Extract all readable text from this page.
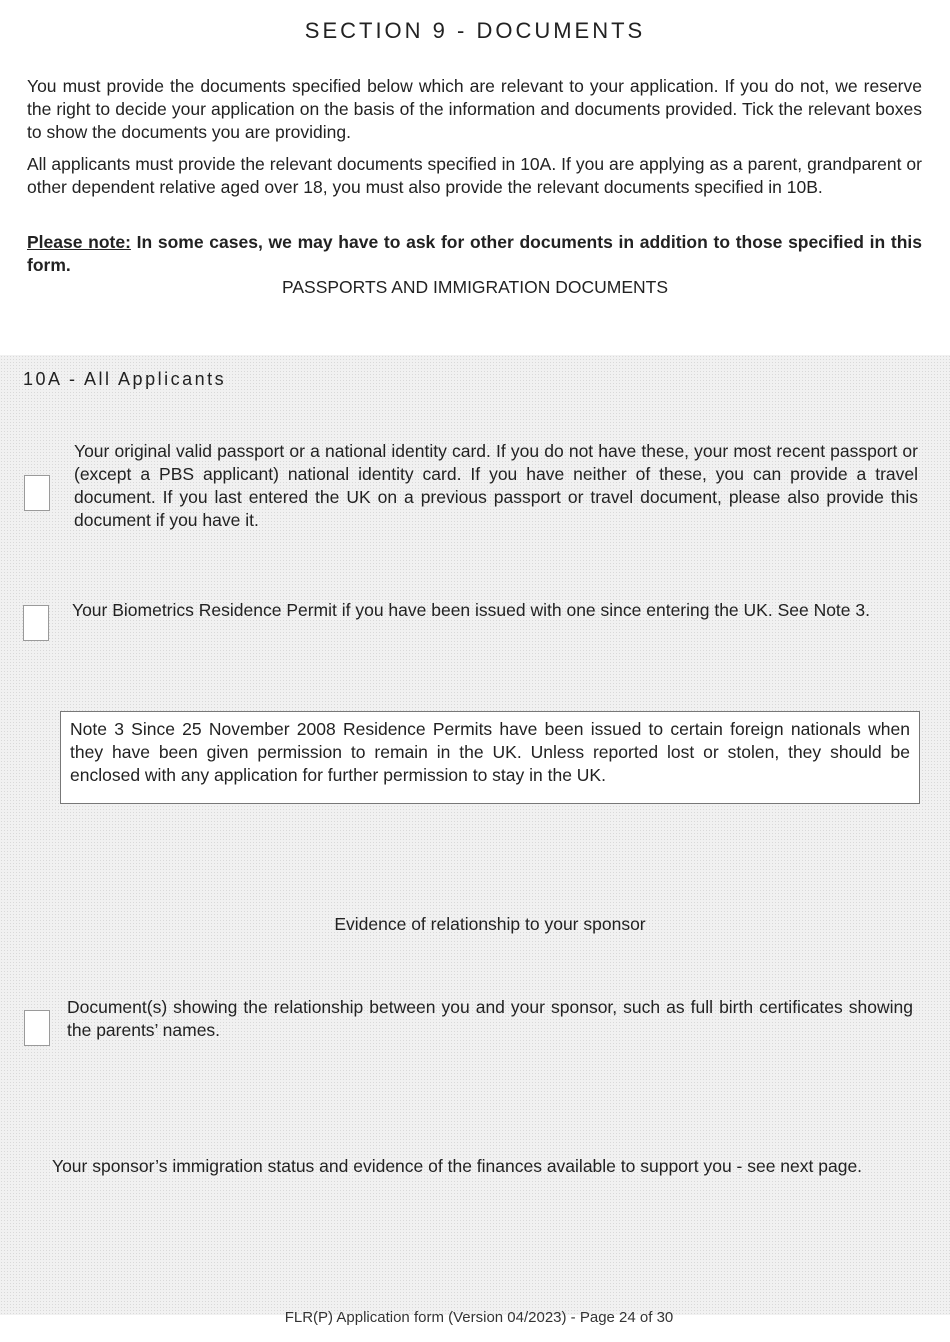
SECTION 9 - DOCUMENTS
You must provide the documents specified below which are relevant to your application. If you do not, we reserve the right to decide your application on the basis of the information and documents provided. Tick the relevant boxes to show the documents you are providing.
All applicants must provide the relevant documents specified in 10A. If you are applying as a parent, grandparent or other dependent relative aged over 18, you must also provide the relevant documents specified in 10B.
Please note: In some cases, we may have to ask for other documents in addition to those specified in this form.
PASSPORTS AND IMMIGRATION DOCUMENTS
10A - All Applicants
Your original valid passport or a national identity card. If you do not have these, your most recent passport or (except a PBS applicant) national identity card. If you have neither of these, you can provide a travel document. If you last entered the UK on a previous passport or travel document, please also provide this document if you have it.
Your Biometrics Residence Permit if you have been issued with one since entering the UK. See Note 3.
Note 3 Since 25 November 2008 Residence Permits have been issued to certain foreign nationals when they have been given permission to remain in the UK. Unless reported lost or stolen, they should be enclosed with any application for further permission to stay in the UK.
Evidence of relationship to your sponsor
Document(s) showing the relationship between you and your sponsor, such as full birth certificates showing the parents’ names.
Your sponsor’s immigration status and evidence of the finances available to support you - see next page.
FLR(P) Application form (Version 04/2023) - Page 24 of 30
